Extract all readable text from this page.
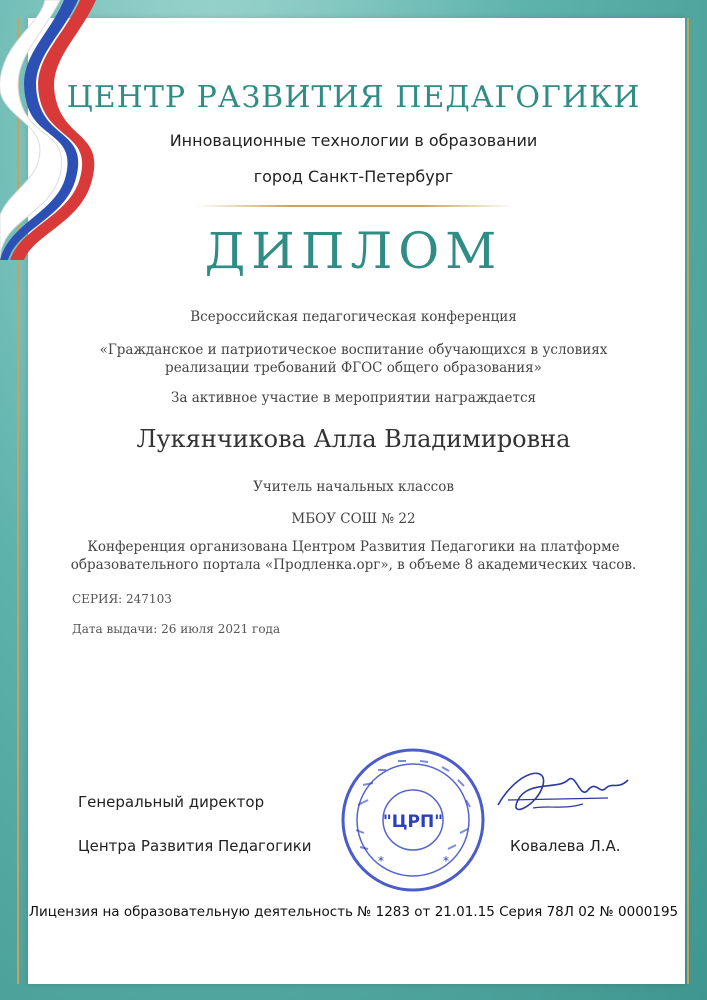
ЦЕНТР РАЗВИТИЯ ПЕДАГОГИКИ
Инновационные технологии в образовании
город Санкт-Петербург
ДИПЛОМ
Всероссийская педагогическая конференция
«Гражданское и патриотическое воспитание обучающихся в условиях
реализации требований ФГОС общего образования»
За активное участие в мероприятии награждается
Лукянчикова Алла Владимировна
Учитель начальных классов
МБОУ СОШ № 22
Конференция организована Центром Развития Педагогики на платформе
образовательного портала «Продленка.орг», в объеме 8 академических часов.
СЕРИЯ: 247103
Дата выдачи: 26 июля 2021 года
Генеральный директор
Центра Развития Педагогики	Ковалева Л.А.
"ЦРП"
*	*
Лицензия на образовательную деятельность № 1283 от 21.01.15 Серия 78Л 02 № 0000195
